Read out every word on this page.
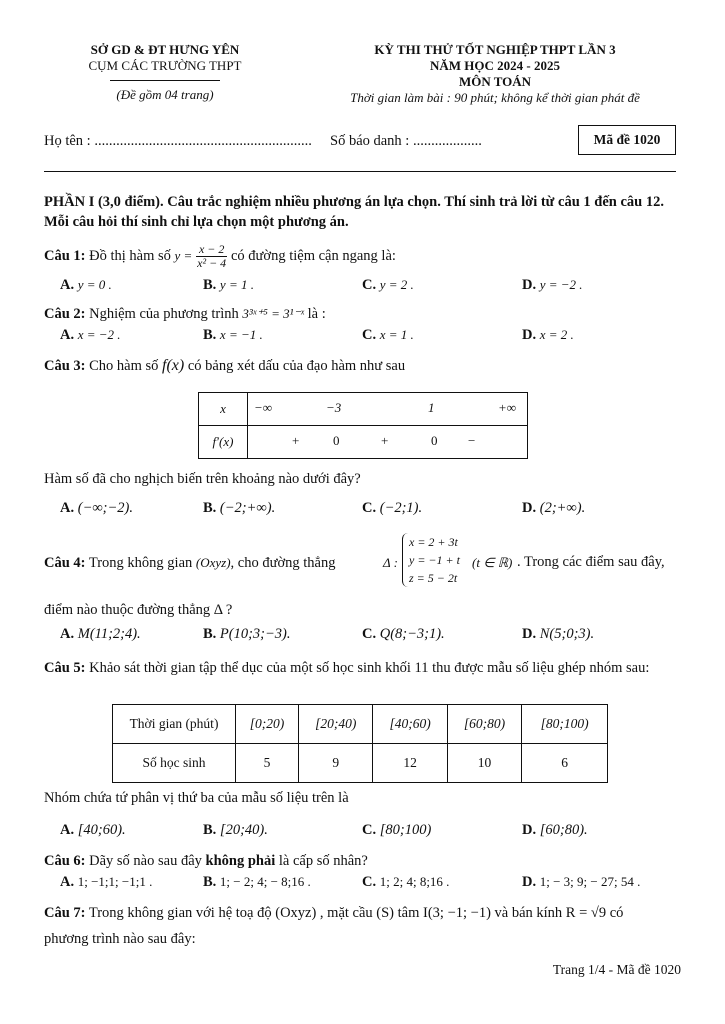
SỞ GD & ĐT HƯNG YÊN
CỤM CÁC TRƯỜNG THPT
(Đề gồm 04 trang)
KỲ THI THỬ TỐT NGHIỆP THPT LẦN 3
NĂM HỌC 2024 - 2025
MÔN TOÁN
Thời gian làm bài : 90 phút; không kể thời gian phát đề
Họ tên : ............................................................ Số báo danh : ...................	Mã đề 1020
PHẦN I (3,0 điểm). Câu trắc nghiệm nhiều phương án lựa chọn. Thí sinh trả lời từ câu 1 đến câu 12. Mỗi câu hỏi thí sinh chỉ lựa chọn một phương án.
Câu 1: Đồ thị hàm số $y = \frac{x - 2}{\text{x² − 4}}$ có đường tiệm cận ngang là:
A. y = 0 .	B. y = 1 .	C. y = 2 .	D. y = −2 .
Câu 2: Nghiệm của phương trình 3³ˣ⁺⁵ = 3¹⁻ˣ là :
A. x = −2 .	B. x = −1 .	C. x = 1 .	D. x = 2 .
Câu 3: Cho hàm số f(x) có bảng xét dấu của đạo hàm như sau
x	−∞ −3 1 +∞

f′(x)	+ 0 + 0 −
Hàm số đã cho nghịch biến trên khoảng nào dưới đây?
A. (−∞;−2).	B. (−2;+∞).	C. (−2;1).	D. (2;+∞).
Câu 4: Trong không gian (Oxyz), cho đường thẳng	Δ :
x = 2 + 3t
y = −1 + t
z = 5 − 2t
(t ∈ ℝ) . Trong các điểm sau đây,
điểm nào thuộc đường thẳng Δ ?
A. M(11;2;4).	B. P(10;3;−3).	C. Q(8;−3;1).	D. N(5;0;3).
Câu 5: Khảo sát thời gian tập thể dục của một số học sinh khối 11 thu được mẫu số liệu ghép nhóm sau:
Thời gian (phút)	[0;20)	[20;40)	[40;60)	[60;80)	[80;100)
Số học sinh	5	9	12	10	6
Nhóm chứa tứ phân vị thứ ba của mẫu số liệu trên là
A. [40;60).	B. [20;40).	C. [80;100)	D. [60;80).
Câu 6: Dãy số nào sau đây không phải là cấp số nhân?
A. 1; −1;1; −1;1 .	B. 1; − 2; 4; − 8;16 .	C. 1; 2; 4; 8;16 .	D. 1; − 3; 9; − 27; 54 .
Câu 7: Trong không gian với hệ toạ độ (Oxyz) , mặt cầu (S) tâm I(3; −1; −1) và bán kính R = √9 có
phương trình nào sau đây:
Trang 1/4 - Mã đề 1020
